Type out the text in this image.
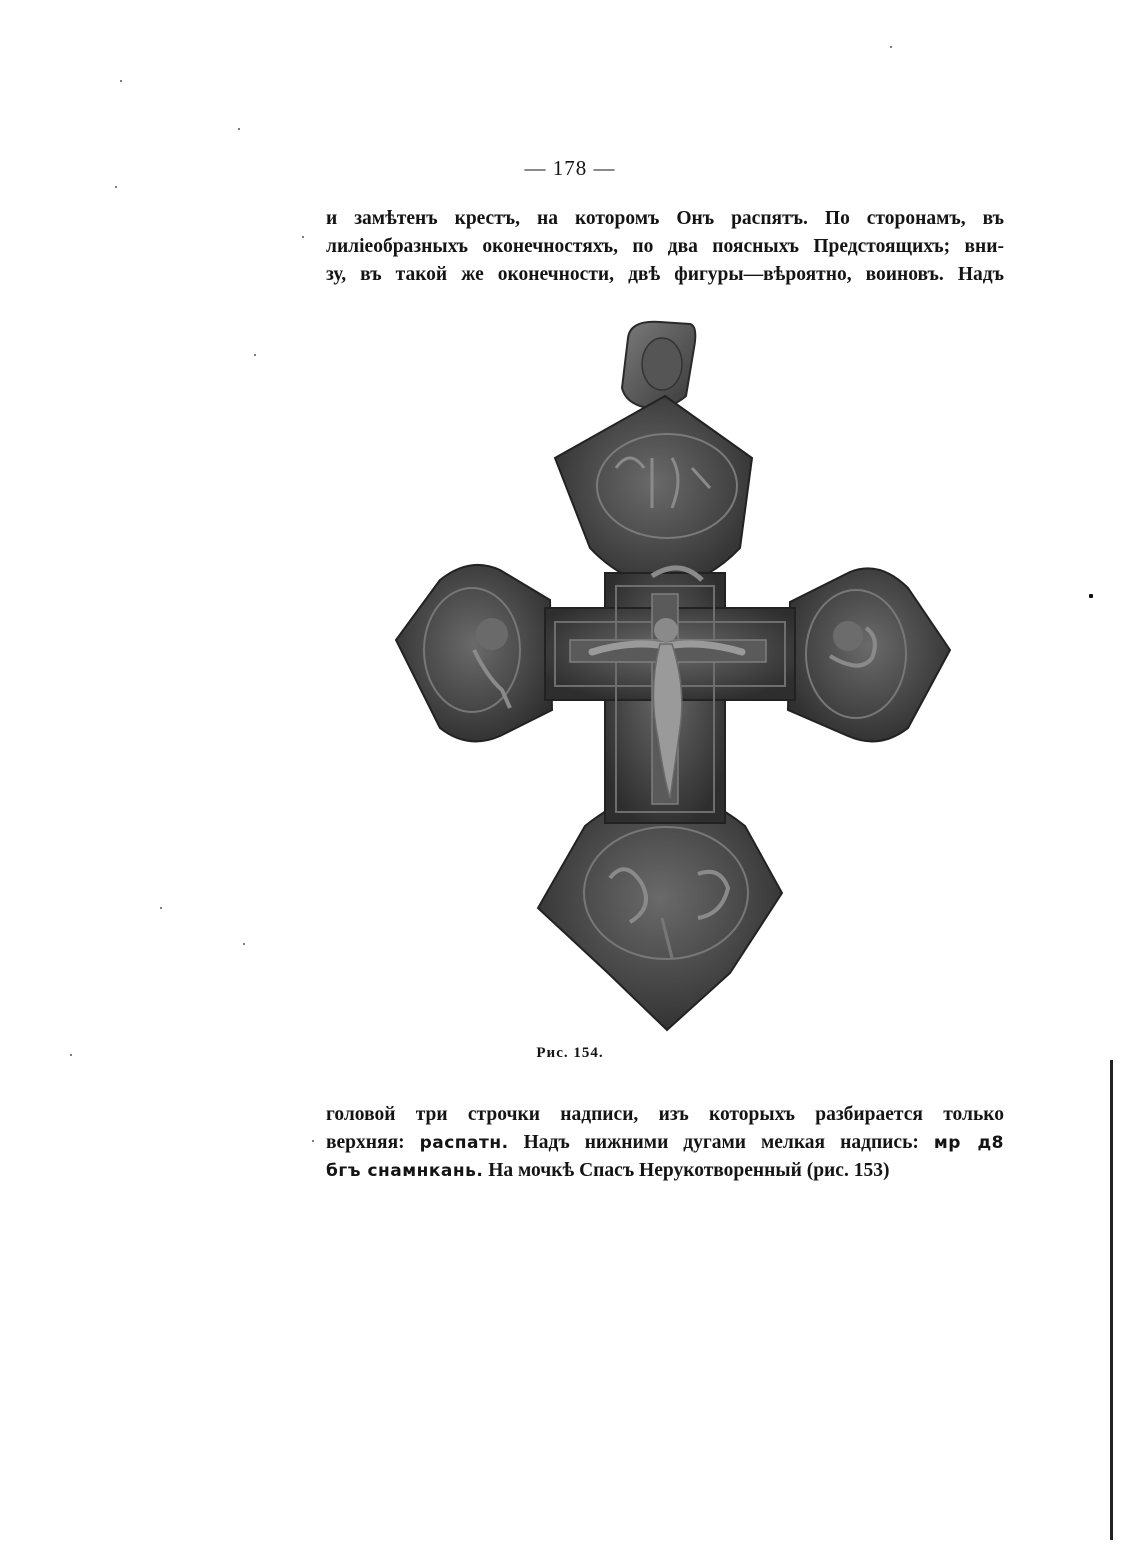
— 178 —
и замѣтенъ крестъ, на которомъ Онъ распятъ. По сторонамъ, въ
лилiеобразныхъ оконечностяхъ, по два поясныхъ Предстоящихъ; вни-
зу, въ такой же оконечности, двѣ фигуры—вѣроятно, воиновъ. Надъ
Рис. 154.
головой три строчки надписи, изъ которыхъ разбирается только
верхняя: распатн. Надъ нижними дугами мелкая надпись: мр д8
бгъ снамнкань. На мочкѣ Спасъ Нерукотворенный (рис. 153)
